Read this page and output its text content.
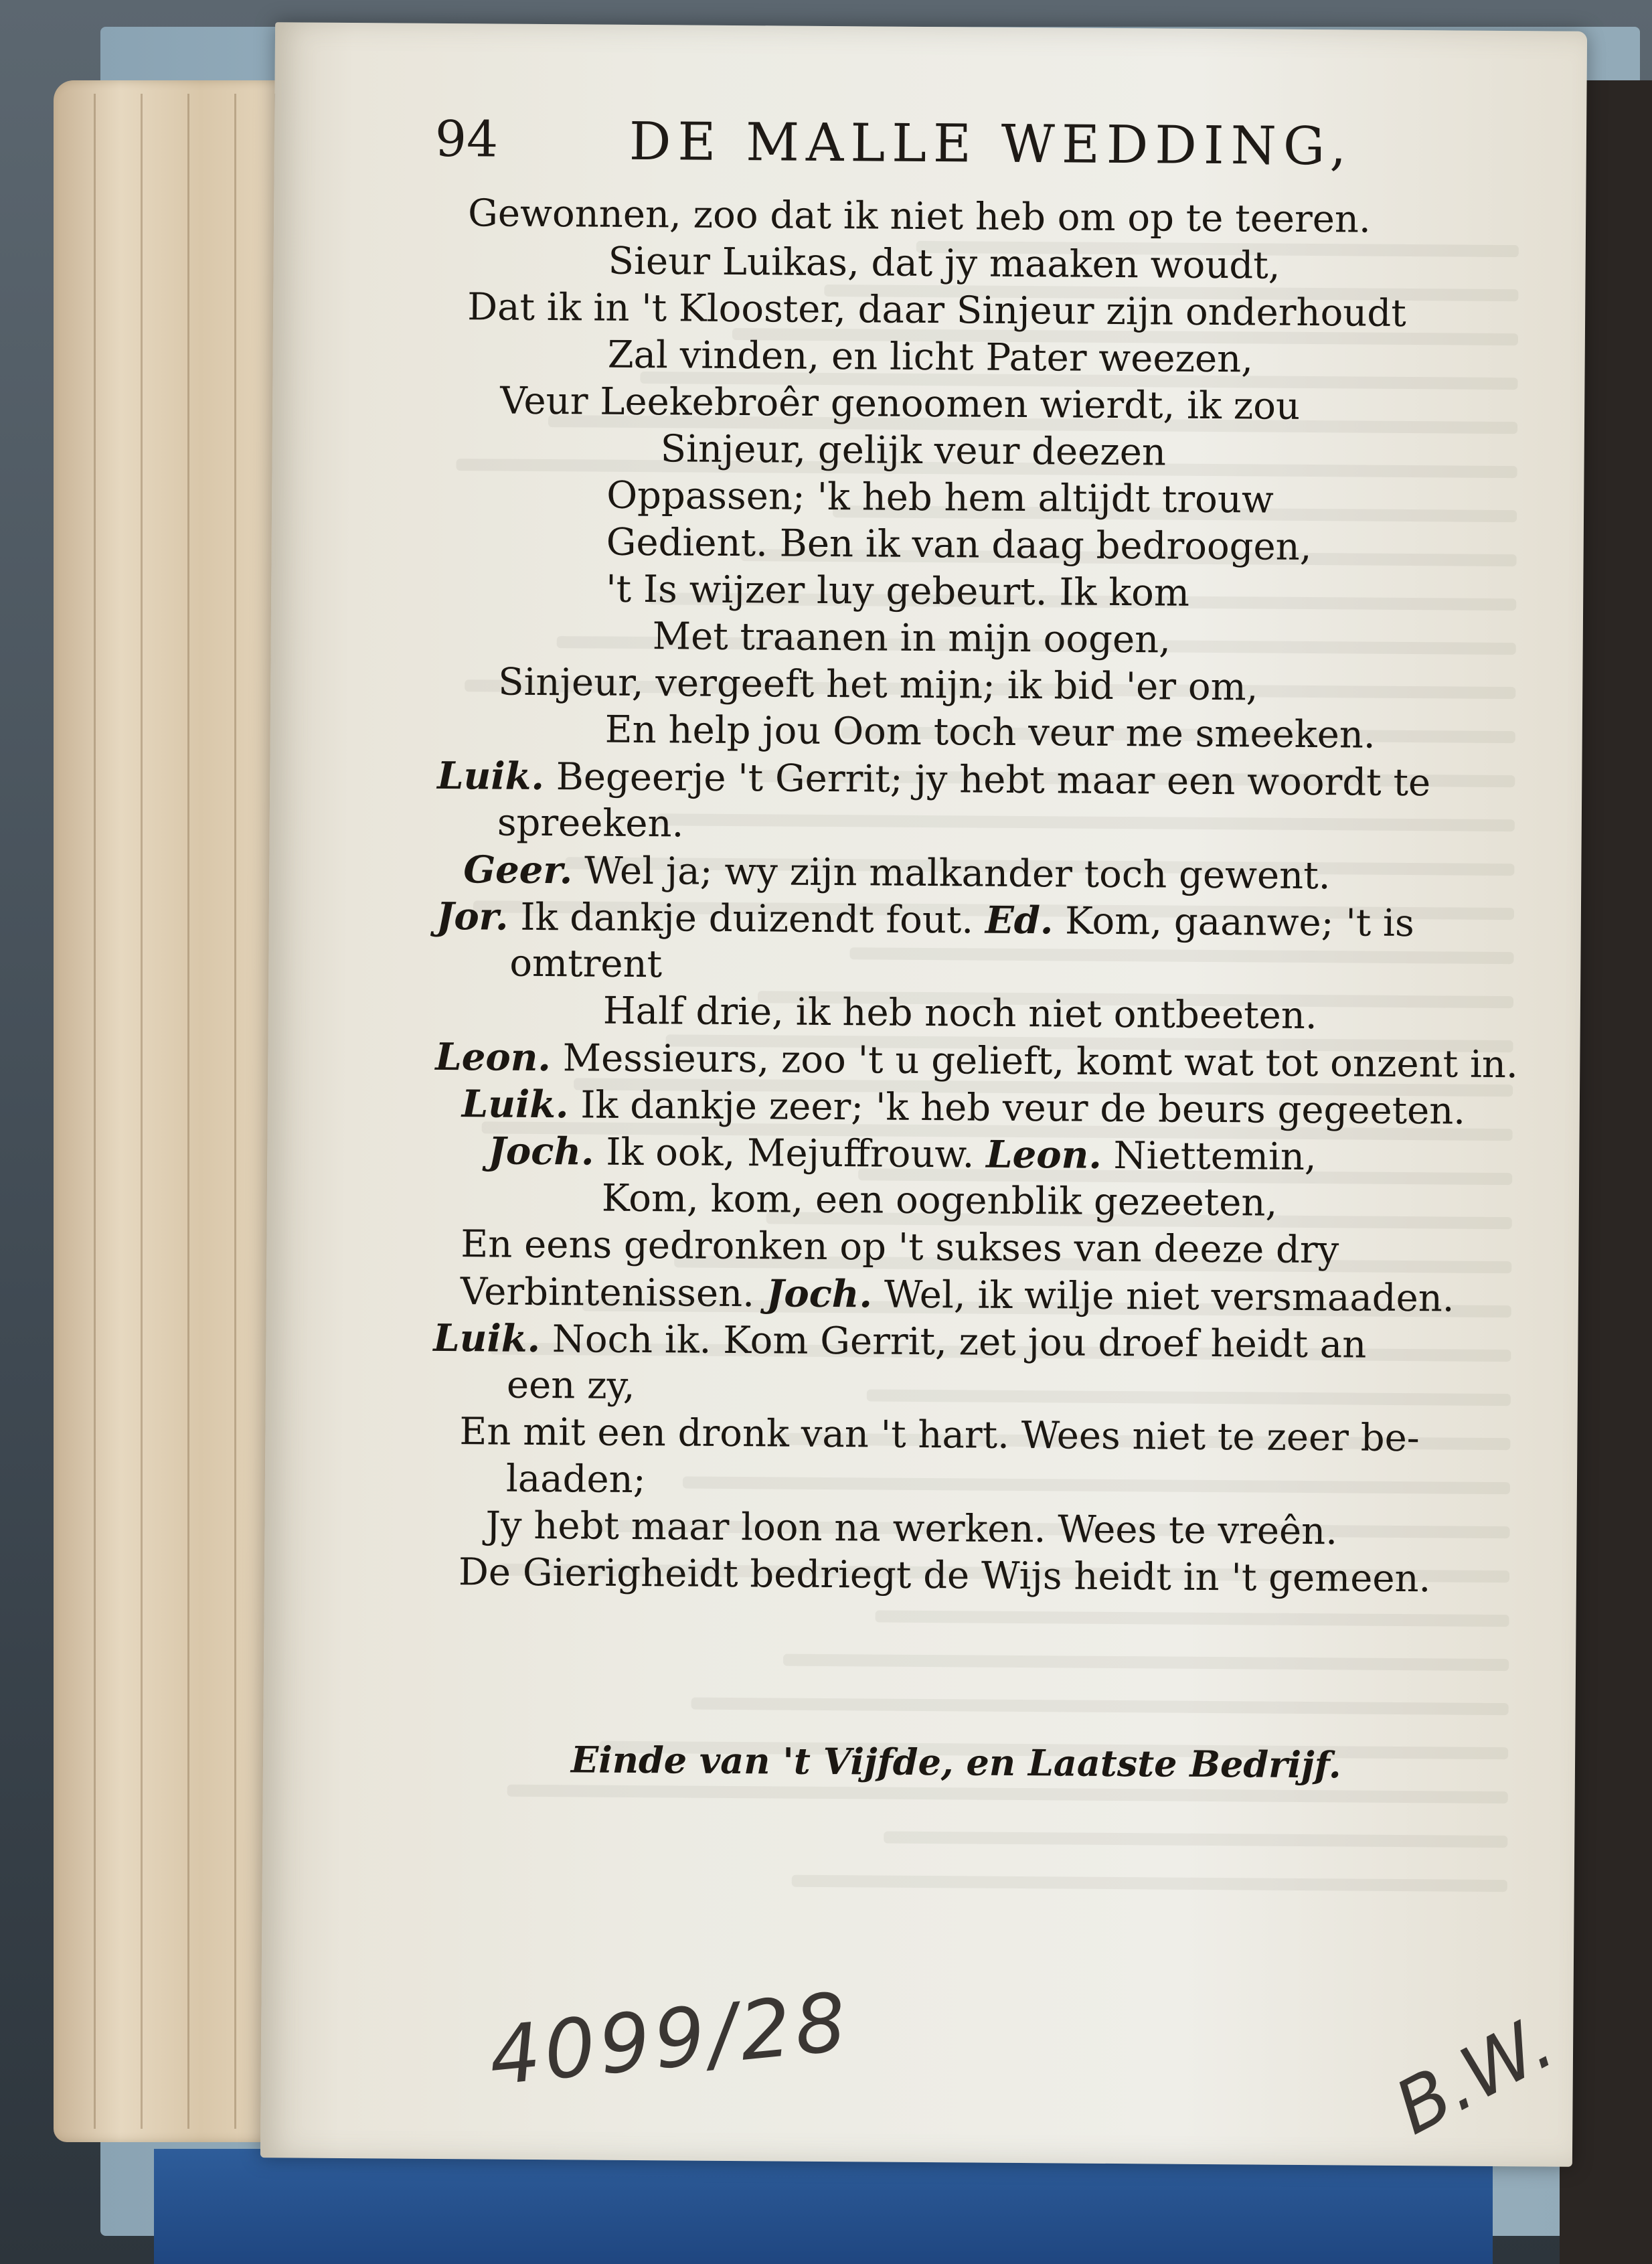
94	DE MALLE WEDDING,
Gewonnen, zoo dat ik niet heb om op te teeren.
Sieur Luikas, dat jy maaken woudt,
Dat ik in 't Klooster, daar Sinjeur zijn onderhoudt
Zal vinden, en licht Pater weezen,
Veur Leekebroêr genoomen wierdt, ik zou
Sinjeur, gelijk veur deezen
Oppassen; 'k heb hem altijdt trouw
Gedient. Ben ik van daag bedroogen,
't Is wijzer luy gebeurt. Ik kom
Met traanen in mijn oogen,
Sinjeur, vergeeft het mijn; ik bid 'er om,
En help jou Oom toch veur me smeeken.
Luik. Begeerje 't Gerrit; jy hebt maar een woordt te
spreeken.
Geer. Wel ja; wy zijn malkander toch gewent.
Jor. Ik dankje duizendt fout. Ed. Kom, gaanwe; 't is
omtrent
Half drie, ik heb noch niet ontbeeten.
Leon. Messieurs, zoo 't u gelieft, komt wat tot onzent in.
Luik. Ik dankje zeer; 'k heb veur de beurs gegeeten.
Joch. Ik ook, Mejuffrouw. Leon. Niettemin,
Kom, kom, een oogenblik gezeeten,
En eens gedronken op 't sukses van deeze dry
Verbintenissen. Joch. Wel, ik wilje niet versmaaden.
Luik. Noch ik. Kom Gerrit, zet jou droef heidt an
een zy,
En mit een dronk van 't hart. Wees niet te zeer be-
laaden;
Jy hebt maar loon na werken. Wees te vreên.
De Gierigheidt bedriegt de Wijs heidt in 't gemeen.
Einde van 't Vijfde, en Laatste Bedrijf.
4099/28	B.W.
